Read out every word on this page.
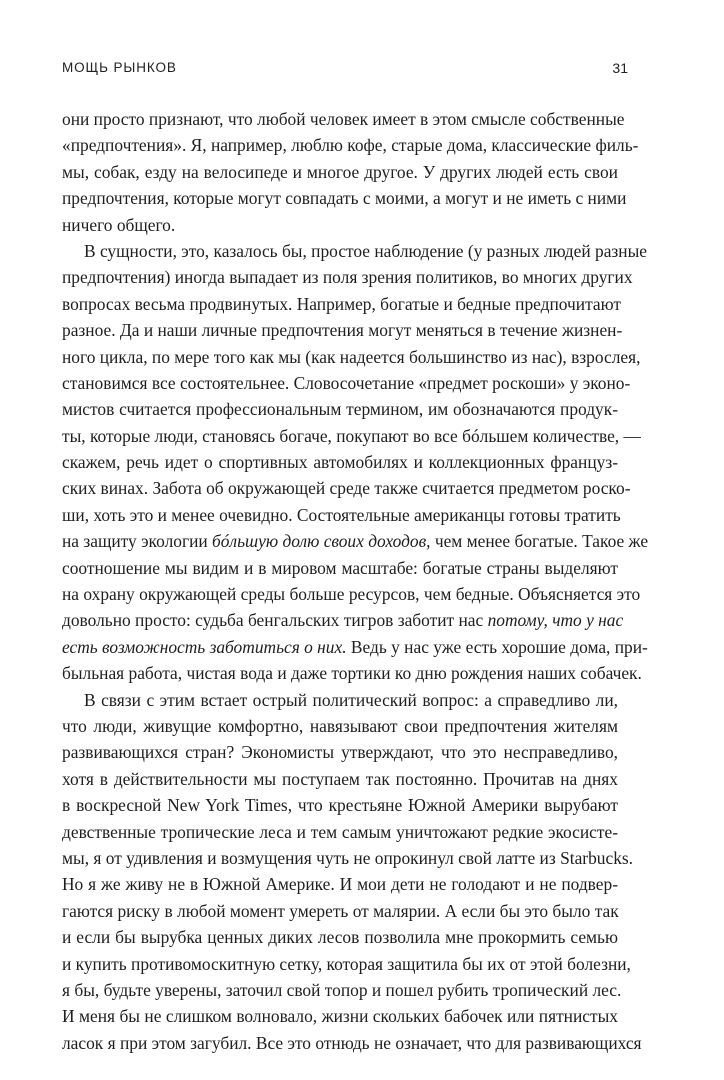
МОЩЬ РЫНКОВ	31
они просто признают, что любой человек имеет в этом смысле собственные
«предпочтения». Я, например, люблю кофе, старые дома, классические филь-
мы, собак, езду на велосипеде и многое другое. У других людей есть свои
предпочтения, которые могут совпадать с моими, а могут и не иметь с ними
ничего общего.
В сущности, это, казалось бы, простое наблюдение (у разных людей разные
предпочтения) иногда выпадает из поля зрения политиков, во многих других
вопросах весьма продвинутых. Например, богатые и бедные предпочитают
разное. Да и наши личные предпочтения могут меняться в течение жизнен-
ного цикла, по мере того как мы (как надеется большинство из нас), взрослея,
становимся все состоятельнее. Словосочетание «предмет роскоши» у эконо-
мистов считается профессиональным термином, им обозначаются продук-
ты, которые люди, становясь богаче, покупают во все бóльшем количестве, —
скажем, речь идет о спортивных автомобилях и коллекционных француз-
ских винах. Забота об окружающей среде также считается предметом роско-
ши, хоть это и менее очевидно. Состоятельные американцы готовы тратить
на защиту экологии бóльшую долю своих доходов, чем менее богатые. Такое же
соотношение мы видим и в мировом масштабе: богатые страны выделяют
на охрану окружающей среды больше ресурсов, чем бедные. Объясняется это
довольно просто: судьба бенгальских тигров заботит нас потому, что у нас
есть возможность заботиться о них. Ведь у нас уже есть хорошие дома, при-
быльная работа, чистая вода и даже тортики ко дню рождения наших собачек.
В связи с этим встает острый политический вопрос: а справедливо ли,
что люди, живущие комфортно, навязывают свои предпочтения жителям
развивающихся стран? Экономисты утверждают, что это несправедливо,
хотя в действительности мы поступаем так постоянно. Прочитав на днях
в воскресной New York Times, что крестьяне Южной Америки вырубают
девственные тропические леса и тем самым уничтожают редкие экосисте-
мы, я от удивления и возмущения чуть не опрокинул свой латте из Starbucks.
Но я же живу не в Южной Америке. И мои дети не голодают и не подвер-
гаются риску в любой момент умереть от малярии. А если бы это было так
и если бы вырубка ценных диких лесов позволила мне прокормить семью
и купить противомоскитную сетку, которая защитила бы их от этой болезни,
я бы, будьте уверены, заточил свой топор и пошел рубить тропический лес.
И меня бы не слишком волновало, жизни скольких бабочек или пятнистых
ласок я при этом загубил. Все это отнюдь не означает, что для развивающихся
